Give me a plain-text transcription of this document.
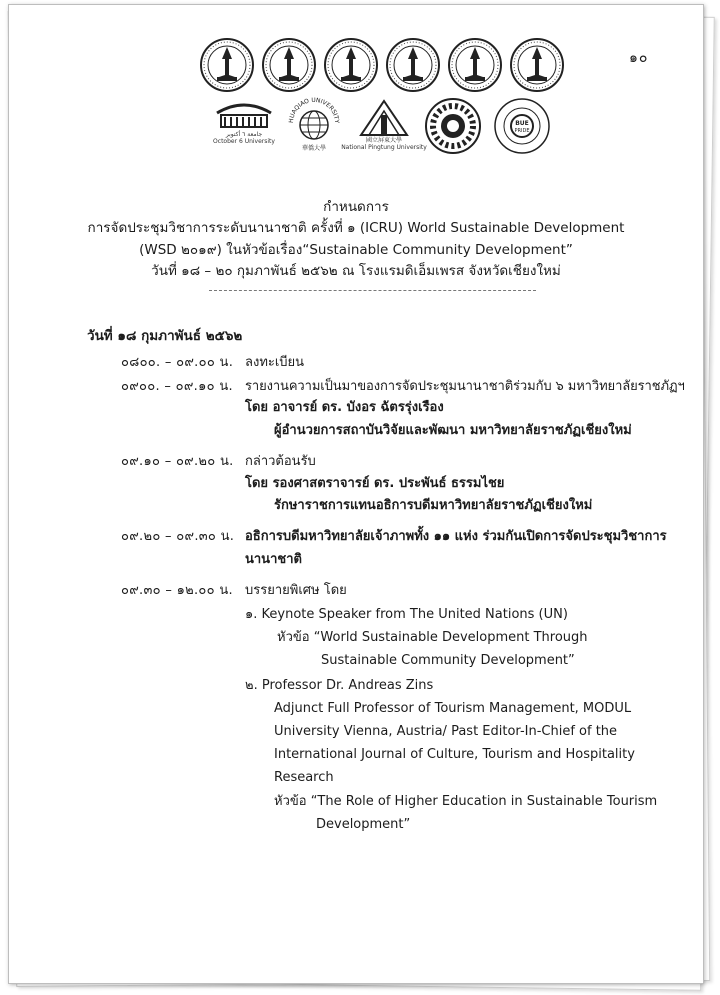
๑๐
جامعة ٦ أكتوبر
October 6 University
HUAQIAO UNIVERSITY
華僑大學
國立屏東大學
National Pingtung University
BUE
PRIDE
กำหนดการ
การจัดประชุมวิชาการระดับนานาชาติ ครั้งที่ ๑ (ICRU) World Sustainable Development
(WSD ๒๐๑๙) ในหัวข้อเรื่อง“Sustainable Community Development”
วันที่ ๑๘ – ๒๐ กุมภาพันธ์ ๒๕๖๒ ณ โรงแรมดิเอ็มเพรส จังหวัดเชียงใหม่
วันที่ ๑๘ กุมภาพันธ์ ๒๕๖๒
๐๘๐๐. – ๐๙.๐๐ น. ลงทะเบียน
๐๙๐๐. – ๐๙.๑๐ น. รายงานความเป็นมาของการจัดประชุมนานาชาติร่วมกับ ๖ มหาวิทยาลัยราชภัฏฯ
โดย อาจารย์ ดร. บังอร ฉัตรรุ่งเรือง
ผู้อำนวยการสถาบันวิจัยและพัฒนา มหาวิทยาลัยราชภัฏเชียงใหม่
๐๙.๑๐ – ๐๙.๒๐ น. กล่าวต้อนรับ
โดย รองศาสตราจารย์ ดร. ประพันธ์ ธรรมไชย
รักษาราชการแทนอธิการบดีมหาวิทยาลัยราชภัฏเชียงใหม่
๐๙.๒๐ – ๐๙.๓๐ น. อธิการบดีมหาวิทยาลัยเจ้าภาพทั้ง ๑๑ แห่ง ร่วมกันเปิดการจัดประชุมวิชาการ
นานาชาติ
๐๙.๓๐ – ๑๒.๐๐ น. บรรยายพิเศษ โดย
๑. Keynote Speaker from The United Nations (UN)
หัวข้อ “World Sustainable Development Through
Sustainable Community Development”
๒. Professor Dr. Andreas Zins
Adjunct Full Professor of Tourism Management, MODUL
University Vienna, Austria/ Past Editor-In-Chief of the
International Journal of Culture, Tourism and Hospitality
Research
หัวข้อ “The Role of Higher Education in Sustainable Tourism
Development”
